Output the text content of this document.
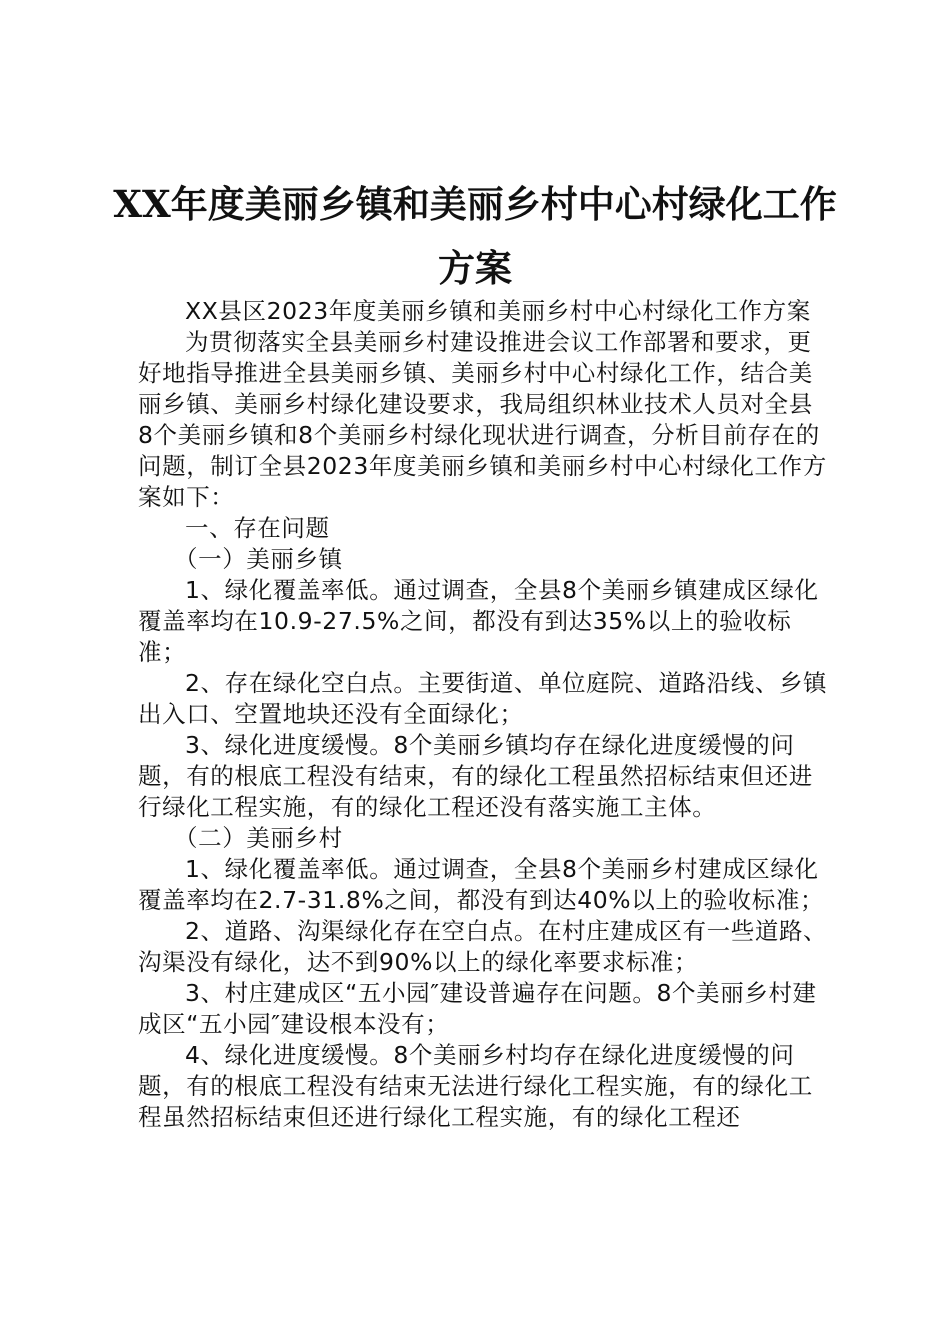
XX年度美丽乡镇和美丽乡村中心村绿化工作
方案

XX县区2023年度美丽乡镇和美丽乡村中心村绿化工作方案

为贯彻落实全县美丽乡村建设推进会议工作部署和要求，更好地指导推进全县美丽乡镇、美丽乡村中心村绿化工作，结合美丽乡镇、美丽乡村绿化建设要求，我局组织林业技术人员对全县8个美丽乡镇和8个美丽乡村绿化现状进行调查，分析目前存在的问题，制订全县2023年度美丽乡镇和美丽乡村中心村绿化工作方案如下：

一、存在问题

（一）美丽乡镇

1、绿化覆盖率低。通过调查，全县8个美丽乡镇建成区绿化覆盖率均在10.9-27.5%之间，都没有到达35%以上的验收标准；

2、存在绿化空白点。主要街道、单位庭院、道路沿线、乡镇出入口、空置地块还没有全面绿化；

3、绿化进度缓慢。8个美丽乡镇均存在绿化进度缓慢的问题，有的根底工程没有结束，有的绿化工程虽然招标结束但还进行绿化工程实施，有的绿化工程还没有落实施工主体。

（二）美丽乡村

1、绿化覆盖率低。通过调查，全县8个美丽乡村建成区绿化覆盖率均在2.7-31.8%之间，都没有到达40%以上的验收标准；

2、道路、沟渠绿化存在空白点。在村庄建成区有一些道路、沟渠没有绿化，达不到90%以上的绿化率要求标准；

3、村庄建成区“五小园″建设普遍存在问题。8个美丽乡村建成区“五小园″建设根本没有；

4、绿化进度缓慢。8个美丽乡村均存在绿化进度缓慢的问题，有的根底工程没有结束无法进行绿化工程实施，有的绿化工程虽然招标结束但还进行绿化工程实施，有的绿化工程还
